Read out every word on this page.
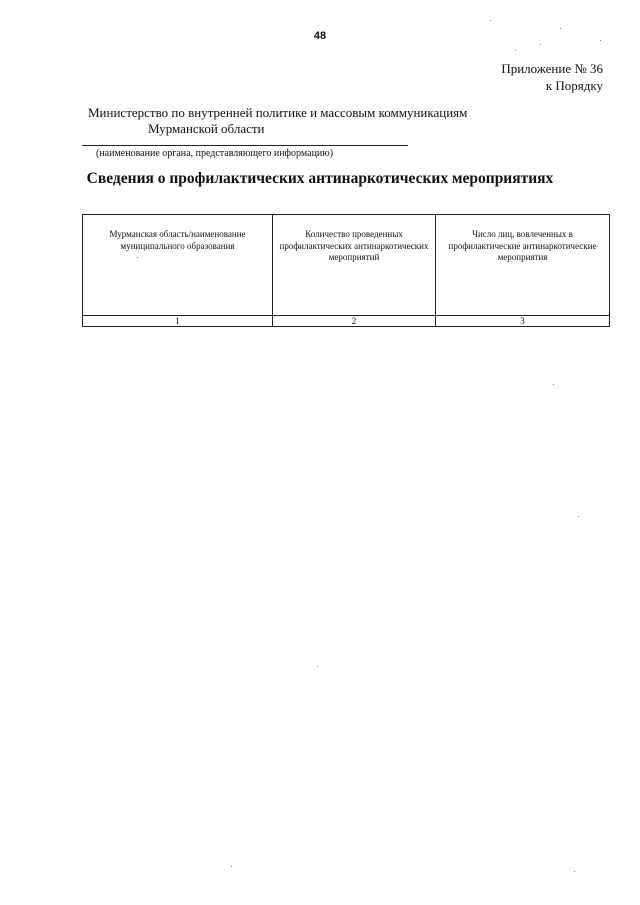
48
Приложение № 36
к Порядку
Министерство по внутренней политике и массовым коммуникациям
Мурманской области
(наименование органа, представляющего информацию)
Сведения о профилактических антинаркотических мероприятиях
Мурманская область/наименование муниципального образования	Количество проведенных профилактических антинаркотических мероприятий	Число лиц, вовлеченных в профилактические антинаркотические мероприятия
1	2	3
